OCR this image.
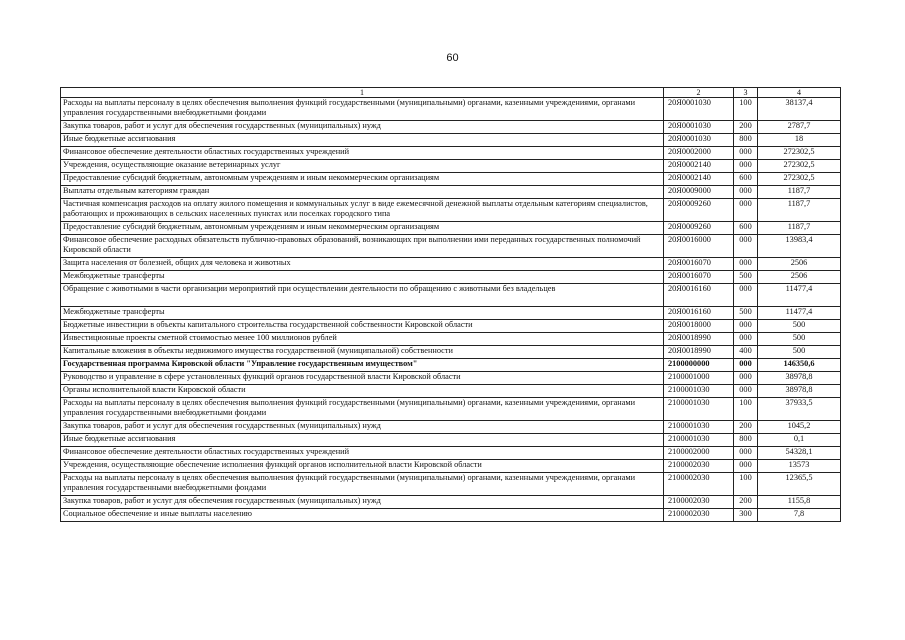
60
1	2	3	4
Расходы на выплаты персоналу в целях обеспечения выполнения функций государственными (муниципальными) органами, казенными учреждениями, органами управления государственными внебюджетными фондами	20Я0001030	100	38137,4
Закупка товаров, работ и услуг для обеспечения государственных (муниципальных) нужд	20Я0001030	200	2787,7
Иные бюджетные ассигнования	20Я0001030	800	18
Финансовое обеспечение деятельности областных государственных учреждений	20Я0002000	000	272302,5
Учреждения, осуществляющие оказание ветеринарных услуг	20Я0002140	000	272302,5
Предоставление субсидий бюджетным, автономным учреждениям и иным некоммерческим организациям	20Я0002140	600	272302,5
Выплаты отдельным категориям граждан	20Я0009000	000	1187,7
Частичная компенсация расходов на оплату жилого помещения и коммунальных услуг в виде ежемесячной денежной выплаты отдельным категориям специалистов, работающих и проживающих в сельских населенных пунктах или поселках городского типа	20Я0009260	000	1187,7
Предоставление субсидий бюджетным, автономным учреждениям и иным некоммерческим организациям	20Я0009260	600	1187,7
Финансовое обеспечение расходных обязательств публично-правовых образований, возникающих при выполнении ими переданных государственных полномочий Кировской области	20Я0016000	000	13983,4
Защита населения от болезней, общих для человека и животных	20Я0016070	000	2506
Межбюджетные трансферты	20Я0016070	500	2506
Обращение с животными в части организации мероприятий при осуществлении деятельности по обращению с животными без владельцев	20Я0016160	000	11477,4
Межбюджетные трансферты	20Я0016160	500	11477,4
Бюджетные инвестиции в объекты капитального строительства государственной собственности Кировской области	20Я0018000	000	500
Инвестиционные проекты сметной стоимостью менее 100 миллионов рублей	20Я0018990	000	500
Капитальные вложения в объекты недвижимого имущества государственной (муниципальной) собственности	20Я0018990	400	500
Государственная программа Кировской области "Управление государственным имуществом"	2100000000	000	146350,6
Руководство и управление в сфере установленных функций органов государственной власти Кировской области	2100001000	000	38978,8
Органы исполнительной власти Кировской области	2100001030	000	38978,8
Расходы на выплаты персоналу в целях обеспечения выполнения функций государственными (муниципальными) органами, казенными учреждениями, органами управления государственными внебюджетными фондами	2100001030	100	37933,5
Закупка товаров, работ и услуг для обеспечения государственных (муниципальных) нужд	2100001030	200	1045,2
Иные бюджетные ассигнования	2100001030	800	0,1
Финансовое обеспечение деятельности областных государственных учреждений	2100002000	000	54328,1
Учреждения, осуществляющие обеспечение исполнения функций органов исполнительной власти Кировской области	2100002030	000	13573
Расходы на выплаты персоналу в целях обеспечения выполнения функций государственными (муниципальными) органами, казенными учреждениями, органами управления государственными внебюджетными фондами	2100002030	100	12365,5
Закупка товаров, работ и услуг для обеспечения государственных (муниципальных) нужд	2100002030	200	1155,8
Социальное обеспечение и иные выплаты населению	2100002030	300	7,8
